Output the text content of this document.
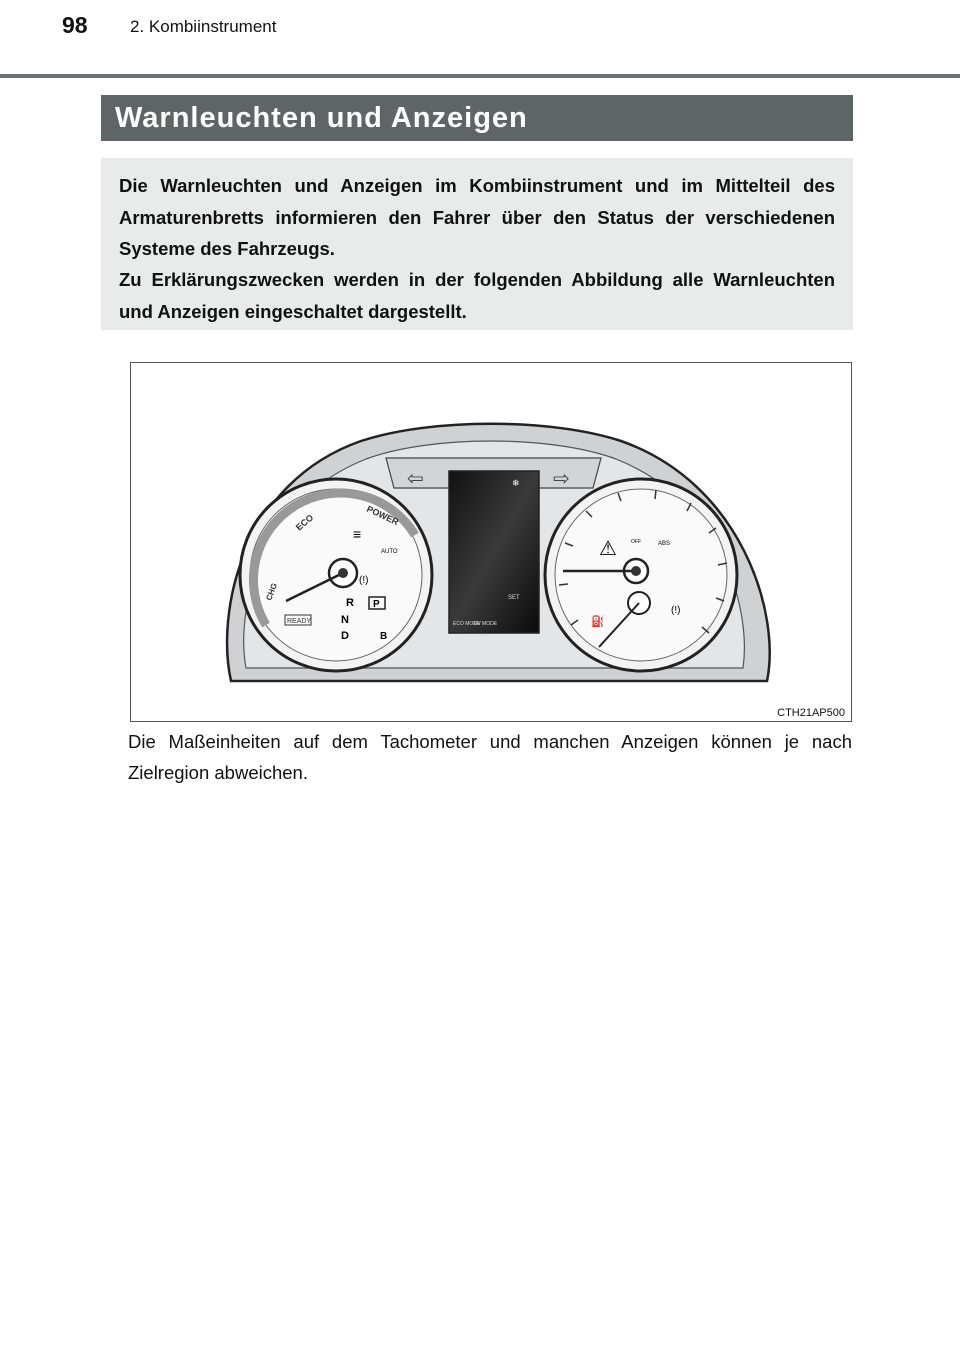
98 2. Kombiinstrument
Warnleuchten und Anzeigen

Die Warnleuchten und Anzeigen im Kombiinstrument und im Mittelteil des Armaturenbretts informieren den Fahrer über den Status der verschiedenen Systeme des Fahrzeugs.

Zu Erklärungszwecken werden in der folgenden Abbildung alle Warnleuchten und Anzeigen eingeschaltet dargestellt.

ECO	POWER
CHG
READY
≡
AUTO
(!)
R P
N
D	B
❄
SET
ECO MODE
EV MODE
⇦	⇨
⚠	OFF	ABS
⛽
(!)
CTH21AP500
Die Maßeinheiten auf dem Tachometer und manchen Anzeigen können je nach Zielregion abweichen.
